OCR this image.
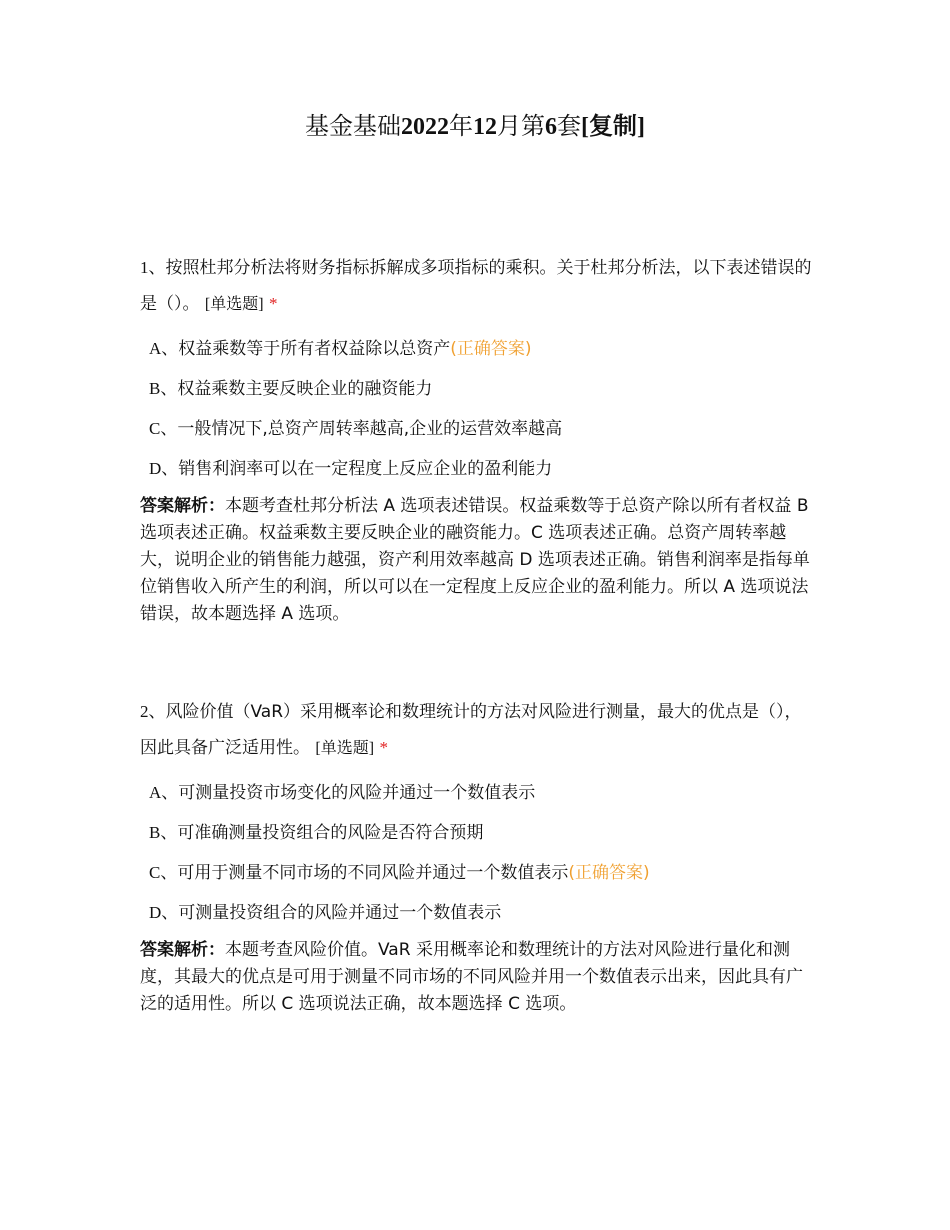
基金基础2022年12月第6套[复制]

1、按照杜邦分析法将财务指标拆解成多项指标的乘积。关于杜邦分析法，以下表述错误的是（）。 [单选题] *

A、权益乘数等于所有者权益除以总资产(正确答案)
B、权益乘数主要反映企业的融资能力
C、一般情况下,总资产周转率越高,企业的运营效率越高
D、销售利润率可以在一定程度上反应企业的盈利能力

答案解析：本题考查杜邦分析法 A 选项表述错误。权益乘数等于总资产除以所有者权益 B 选项表述正确。权益乘数主要反映企业的融资能力。C 选项表述正确。总资产周转率越大，说明企业的销售能力越强，资产利用效率越高 D 选项表述正确。销售利润率是指每单位销售收入所产生的利润，所以可以在一定程度上反应企业的盈利能力。所以 A 选项说法错误，故本题选择 A 选项。

2、风险价值（VaR）采用概率论和数理统计的方法对风险进行测量，最大的优点是（），因此具备广泛适用性。 [单选题] *

A、可测量投资市场变化的风险并通过一个数值表示
B、可准确测量投资组合的风险是否符合预期
C、可用于测量不同市场的不同风险并通过一个数值表示(正确答案)
D、可测量投资组合的风险并通过一个数值表示

答案解析：本题考查风险价值。VaR 采用概率论和数理统计的方法对风险进行量化和测度，其最大的优点是可用于测量不同市场的不同风险并用一个数值表示出来，因此具有广泛的适用性。所以 C 选项说法正确，故本题选择 C 选项。
